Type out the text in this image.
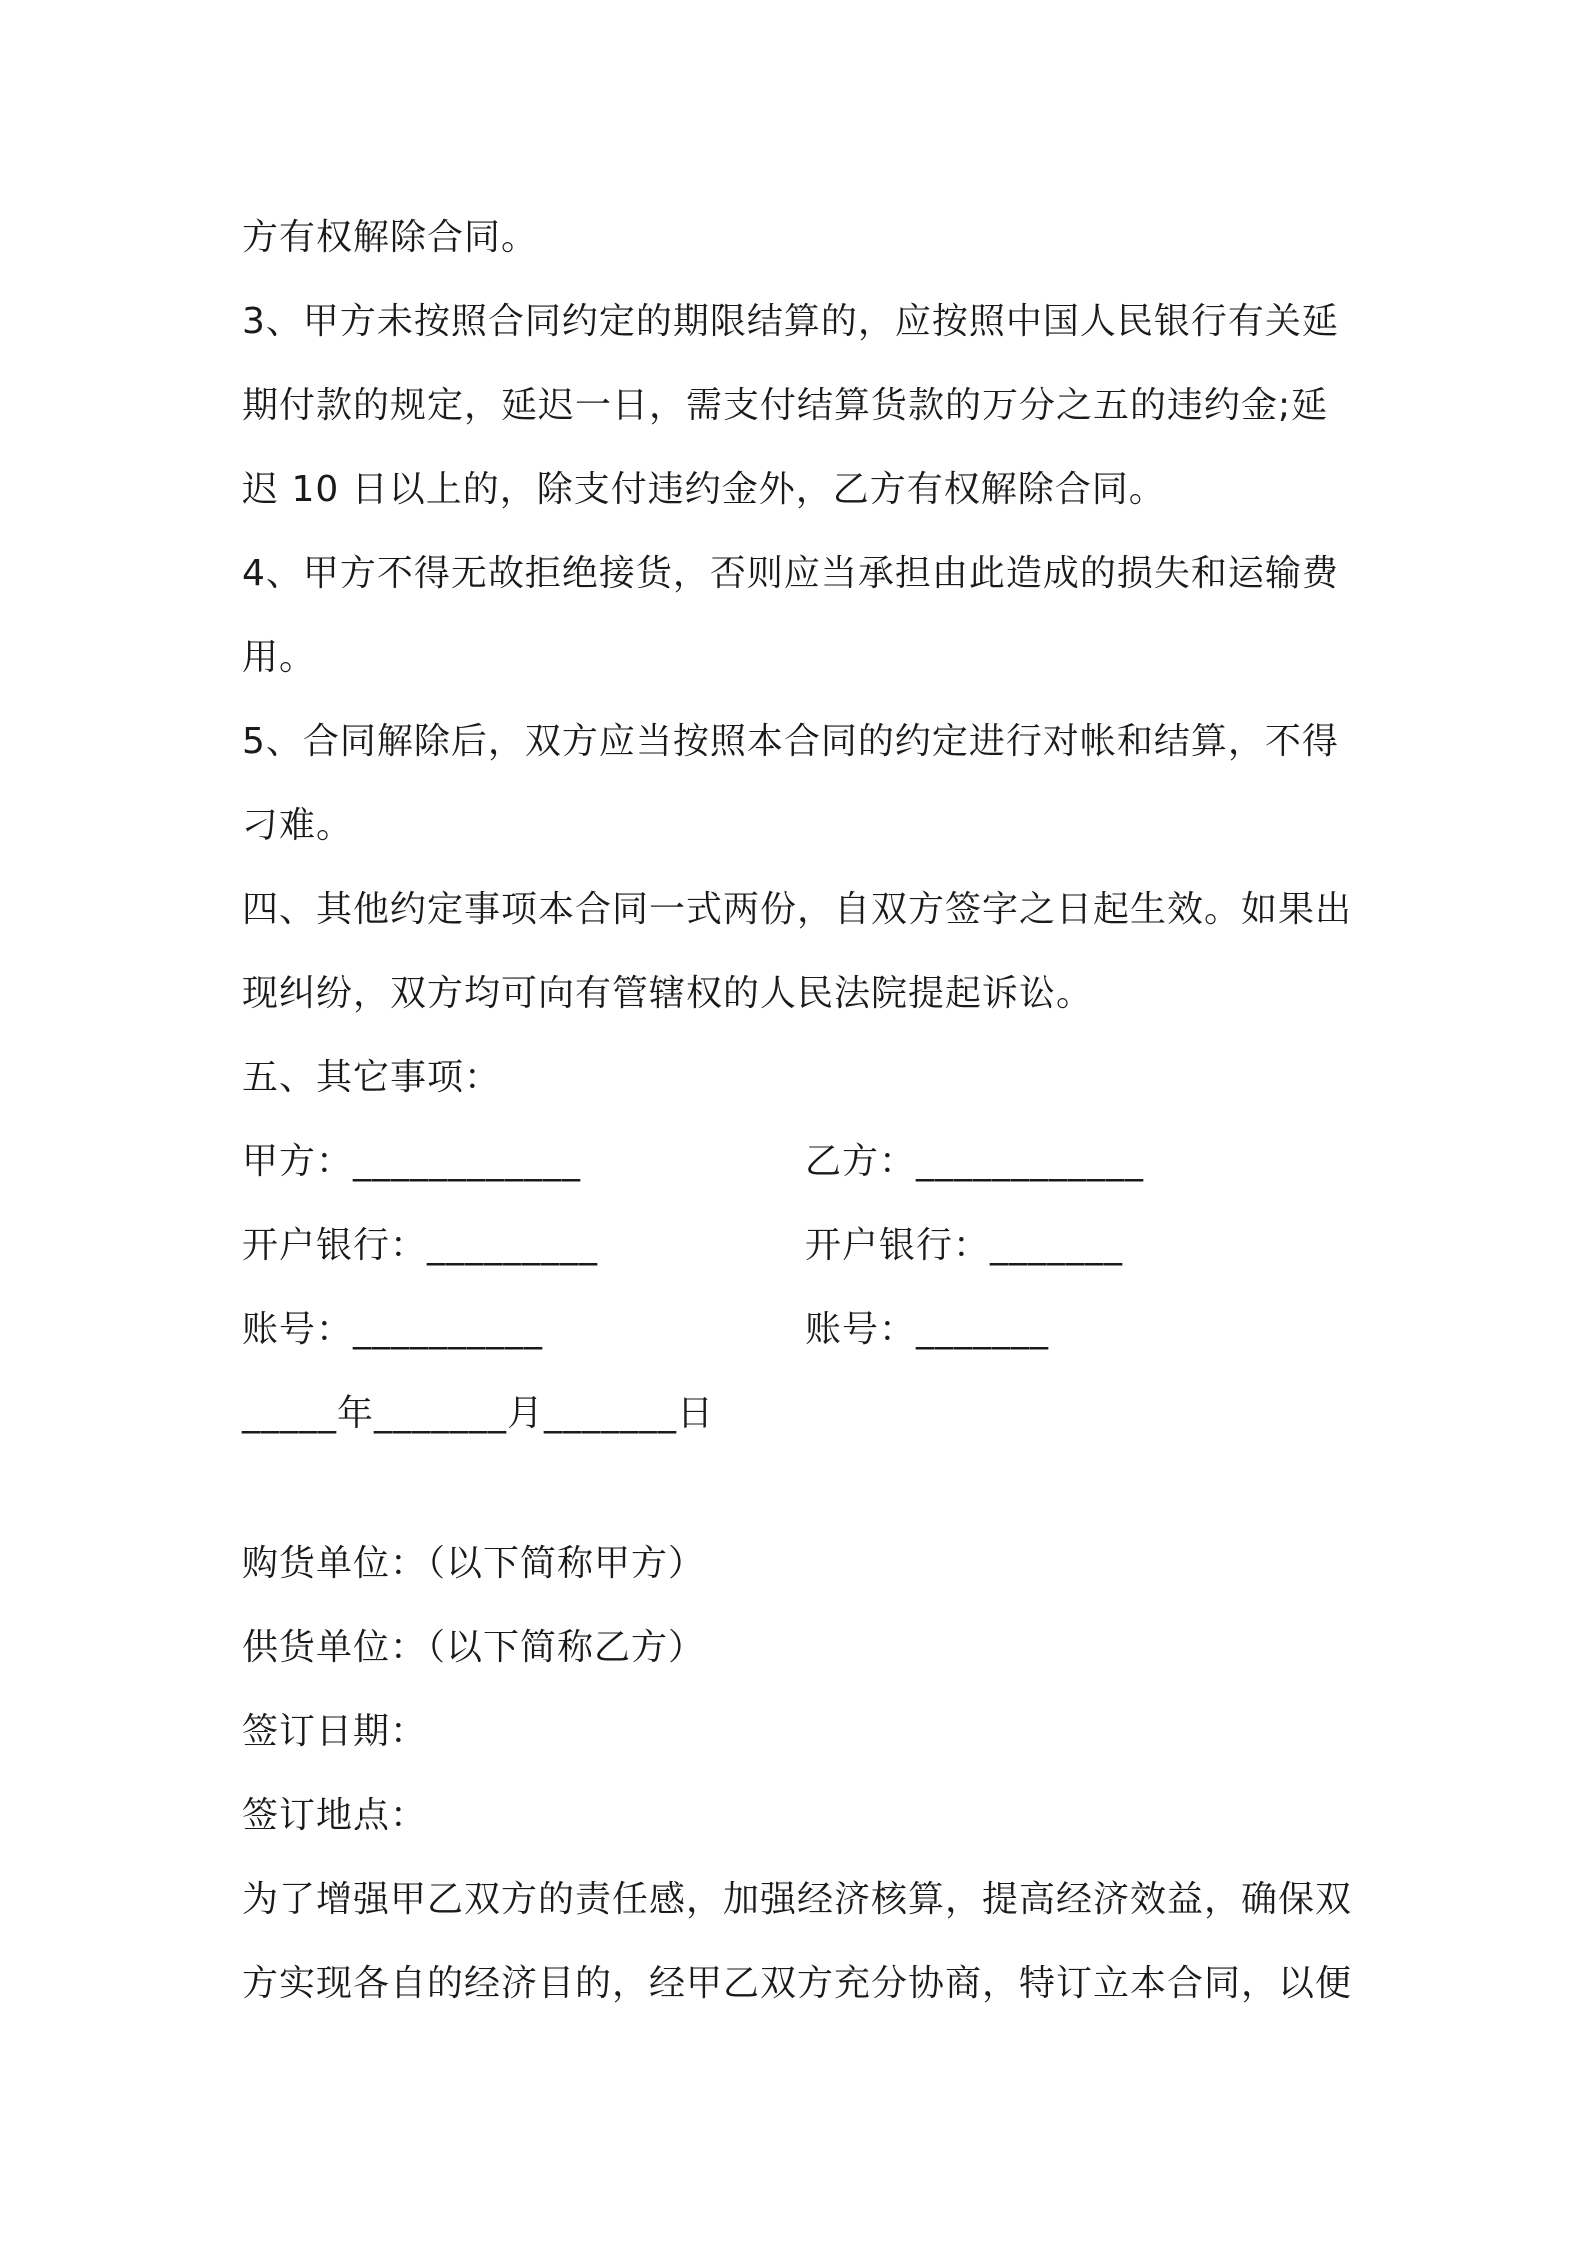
方有权解除合同。
3、甲方未按照合同约定的期限结算的，应按照中国人民银行有关延
期付款的规定，延迟一日，需支付结算货款的万分之五的违约金;延
迟 10 日以上的，除支付违约金外，乙方有权解除合同。
4、甲方不得无故拒绝接货，否则应当承担由此造成的损失和运输费
用。
5、合同解除后，双方应当按照本合同的约定进行对帐和结算，不得
刁难。
四、其他约定事项本合同一式两份，自双方签字之日起生效。如果出
现纠纷，双方均可向有管辖权的人民法院提起诉讼。
五、其它事项：
甲方：____________	乙方：____________
开户银行：_________	开户银行：_______
账号：__________	账号：_______
_____年_______月_______日
购货单位：（以下简称甲方）
供货单位：（以下简称乙方）
签订日期：
签订地点：
为了增强甲乙双方的责任感，加强经济核算，提高经济效益，确保双
方实现各自的经济目的，经甲乙双方充分协商，特订立本合同，以便
